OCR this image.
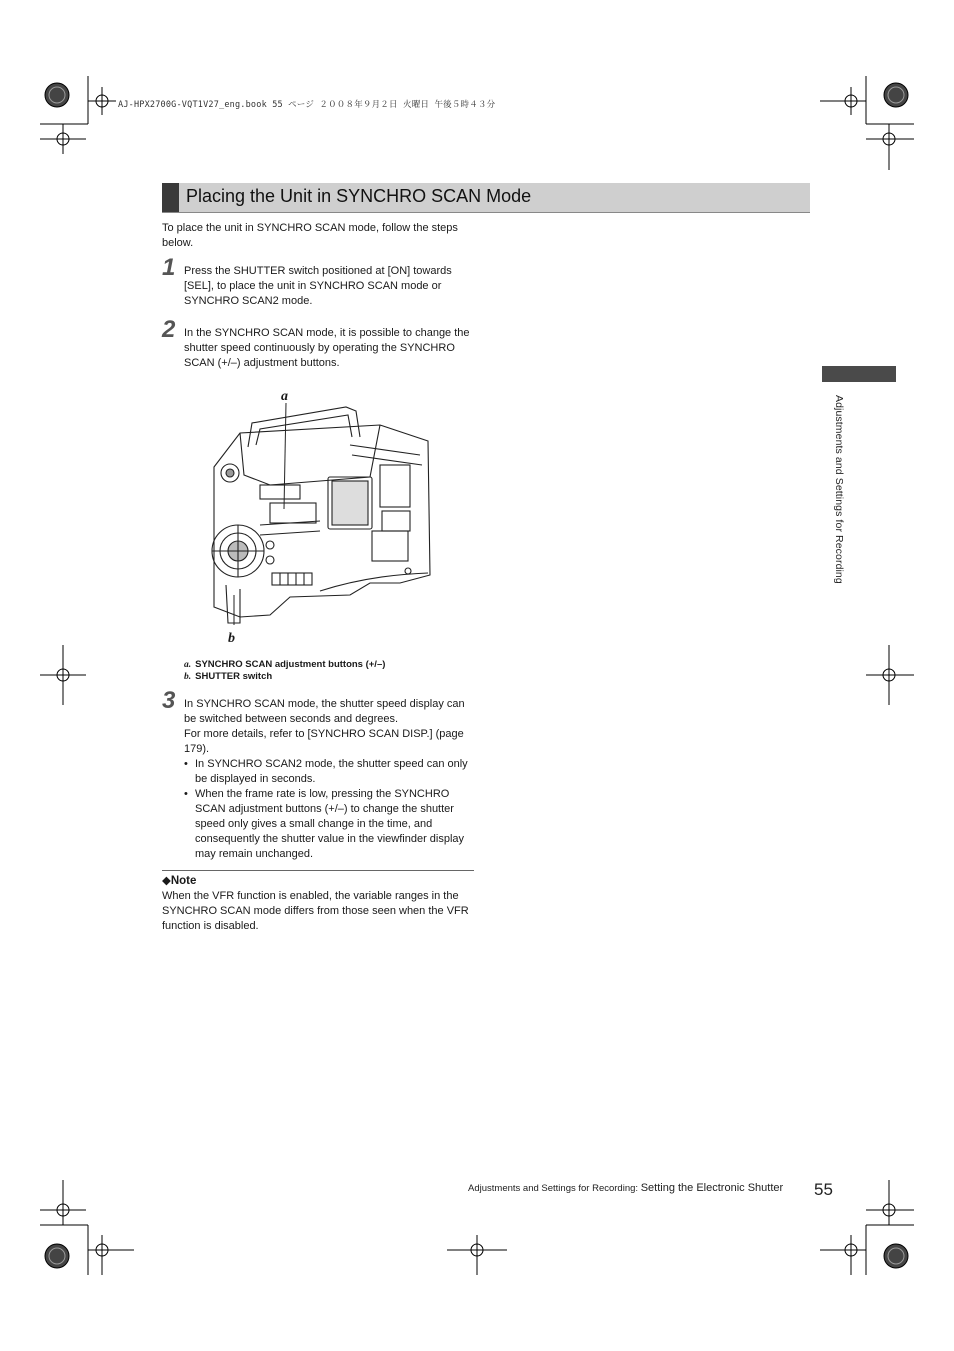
AJ-HPX2700G-VQT1V27_eng.book 55 ページ ２００８年９月２日 火曜日 午後５時４３分
Placing the Unit in SYNCHRO SCAN Mode
To place the unit in SYNCHRO SCAN mode, follow the steps below.
1 Press the SHUTTER switch positioned at [ON] towards [SEL], to place the unit in SYNCHRO SCAN mode or SYNCHRO SCAN2 mode.
2 In the SYNCHRO SCAN mode, it is possible to change the shutter speed continuously by operating the SYNCHRO SCAN (+/–) adjustment buttons.
a
b
a. SYNCHRO SCAN adjustment buttons (+/–)
b. SHUTTER switch
3 In SYNCHRO SCAN mode, the shutter speed display can be switched between seconds and degrees.
For more details, refer to [SYNCHRO SCAN DISP.] (page 179).
• In SYNCHRO SCAN2 mode, the shutter speed can only be displayed in seconds.
• When the frame rate is low, pressing the SYNCHRO SCAN adjustment buttons (+/–) to change the shutter speed only gives a small change in the time, and consequently the shutter value in the viewfinder display may remain unchanged.
◆Note
When the VFR function is enabled, the variable ranges in the SYNCHRO SCAN mode differs from those seen when the VFR function is disabled.
Adjustments and Settings for Recording
Adjustments and Settings for Recording: Setting the Electronic Shutter 55
